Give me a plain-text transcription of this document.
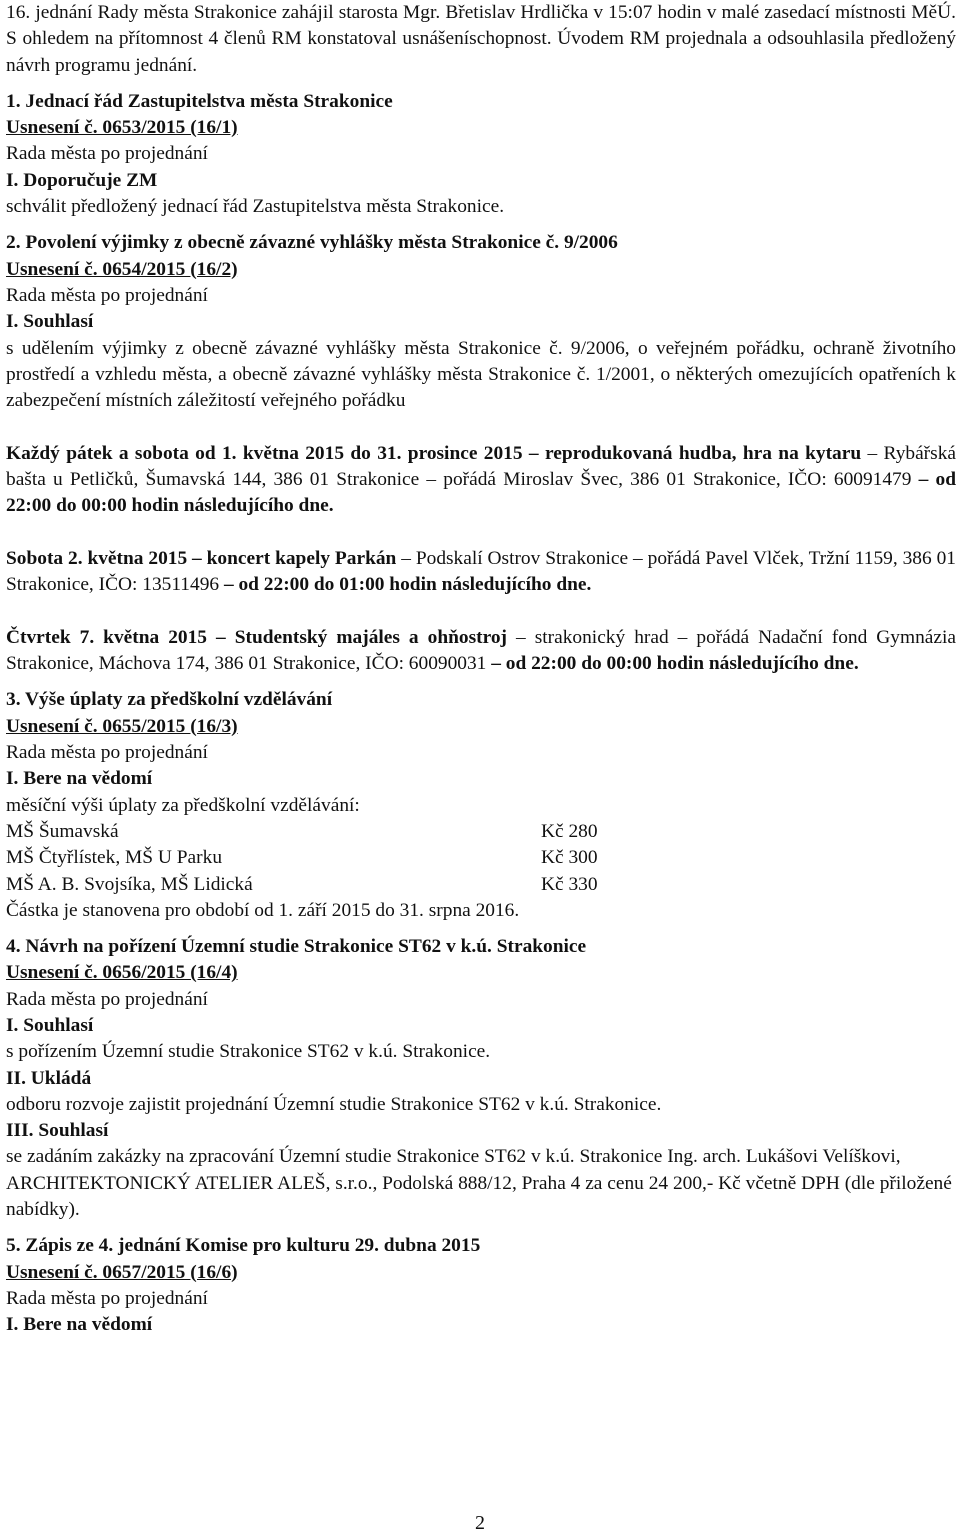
16. jednání Rady města Strakonice zahájil starosta Mgr. Břetislav Hrdlička v 15:07 hodin v malé zasedací místnosti MěÚ. S ohledem na přítomnost 4 členů RM konstatoval usnášeníschopnost. Úvodem RM projednala a odsouhlasila předložený návrh programu jednání.

1. Jednací řád Zastupitelstva města Strakonice

Usnesení č. 0653/2015 (16/1)

Rada města po projednání

I. Doporučuje ZM

schválit předložený jednací řád Zastupitelstva města Strakonice.

2. Povolení výjimky z obecně závazné vyhlášky města Strakonice č. 9/2006

Usnesení č. 0654/2015 (16/2)

Rada města po projednání

I. Souhlasí

s udělením výjimky z obecně závazné vyhlášky města Strakonice č. 9/2006, o veřejném pořádku, ochraně životního prostředí a vzhledu města, a obecně závazné vyhlášky města Strakonice č. 1/2001, o některých omezujících opatřeních k zabezpečení místních záležitostí veřejného pořádku

Každý pátek a sobota od 1. května 2015 do 31. prosince 2015 – reprodukovaná hudba, hra na kytaru – Rybářská bašta u Petličků, Šumavská 144, 386 01 Strakonice – pořádá Miroslav Švec, 386 01 Strakonice, IČO: 60091479 – od 22:00 do 00:00 hodin následujícího dne.

Sobota 2. května 2015 – koncert kapely Parkán – Podskalí Ostrov Strakonice – pořádá Pavel Vlček, Tržní 1159, 386 01 Strakonice, IČO: 13511496 – od 22:00 do 01:00 hodin následujícího dne.

Čtvrtek 7. května 2015 – Studentský majáles a ohňostroj – strakonický hrad – pořádá Nadační fond Gymnázia Strakonice, Máchova 174, 386 01 Strakonice, IČO: 60090031 – od 22:00 do 00:00 hodin následujícího dne.

3. Výše úplaty za předškolní vzdělávání

Usnesení č. 0655/2015 (16/3)

Rada města po projednání

I. Bere na vědomí

měsíční výši úplaty za předškolní vzdělávání:

MŠ Šumavská	Kč 280
MŠ Čtyřlístek, MŠ U Parku	Kč 300
MŠ A. B. Svojsíka, MŠ Lidická	Kč 330

Částka je stanovena pro období od 1. září 2015 do 31. srpna 2016.

4. Návrh na pořízení Územní studie Strakonice ST62 v k.ú. Strakonice

Usnesení č. 0656/2015 (16/4)

Rada města po projednání

I. Souhlasí

s pořízením Územní studie Strakonice ST62 v k.ú. Strakonice.

II. Ukládá

odboru rozvoje zajistit projednání Územní studie Strakonice ST62 v k.ú. Strakonice.

III. Souhlasí

se zadáním zakázky na zpracování Územní studie Strakonice ST62 v k.ú. Strakonice Ing. arch. Lukášovi Velíškovi, ARCHITEKTONICKÝ ATELIER ALEŠ, s.r.o., Podolská 888/12, Praha 4 za cenu 24 200,- Kč včetně DPH (dle přiložené nabídky).

5. Zápis ze 4. jednání Komise pro kulturu 29. dubna 2015

Usnesení č. 0657/2015 (16/6)

Rada města po projednání

I. Bere na vědomí

2
